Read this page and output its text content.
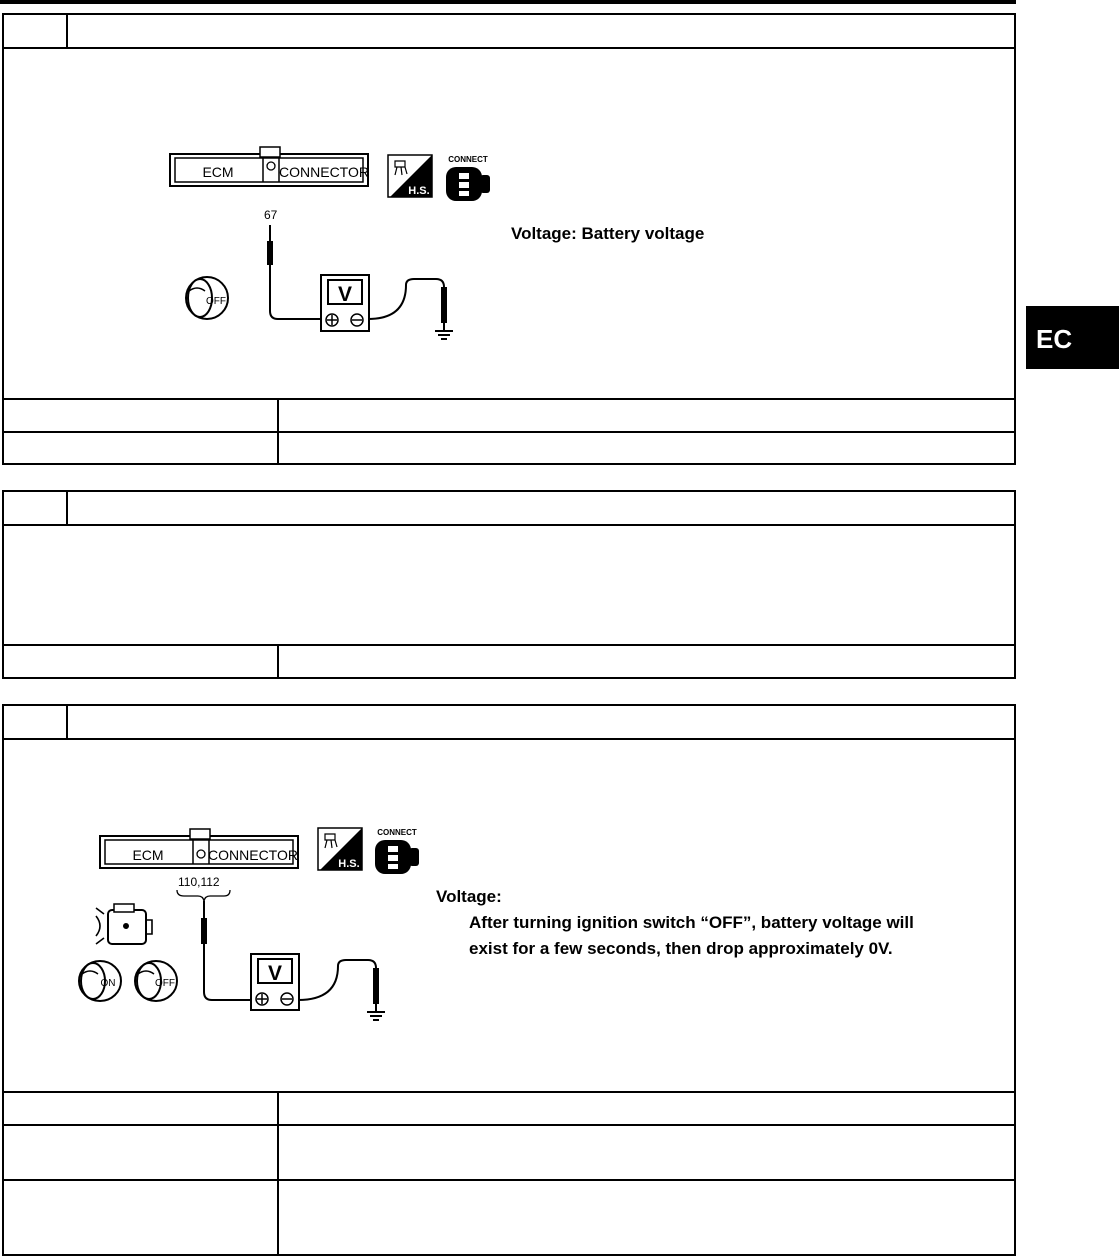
ECM	CONNECTOR
H.S.
CONNECT
67
V
OFF
Voltage: Battery voltage
ECM	CONNECTOR
H.S.
CONNECT
110,112
V
ON	OFF
Voltage:
After turning ignition switch “OFF”, battery voltage will
exist for a few seconds, then drop approximately 0V.
EC
